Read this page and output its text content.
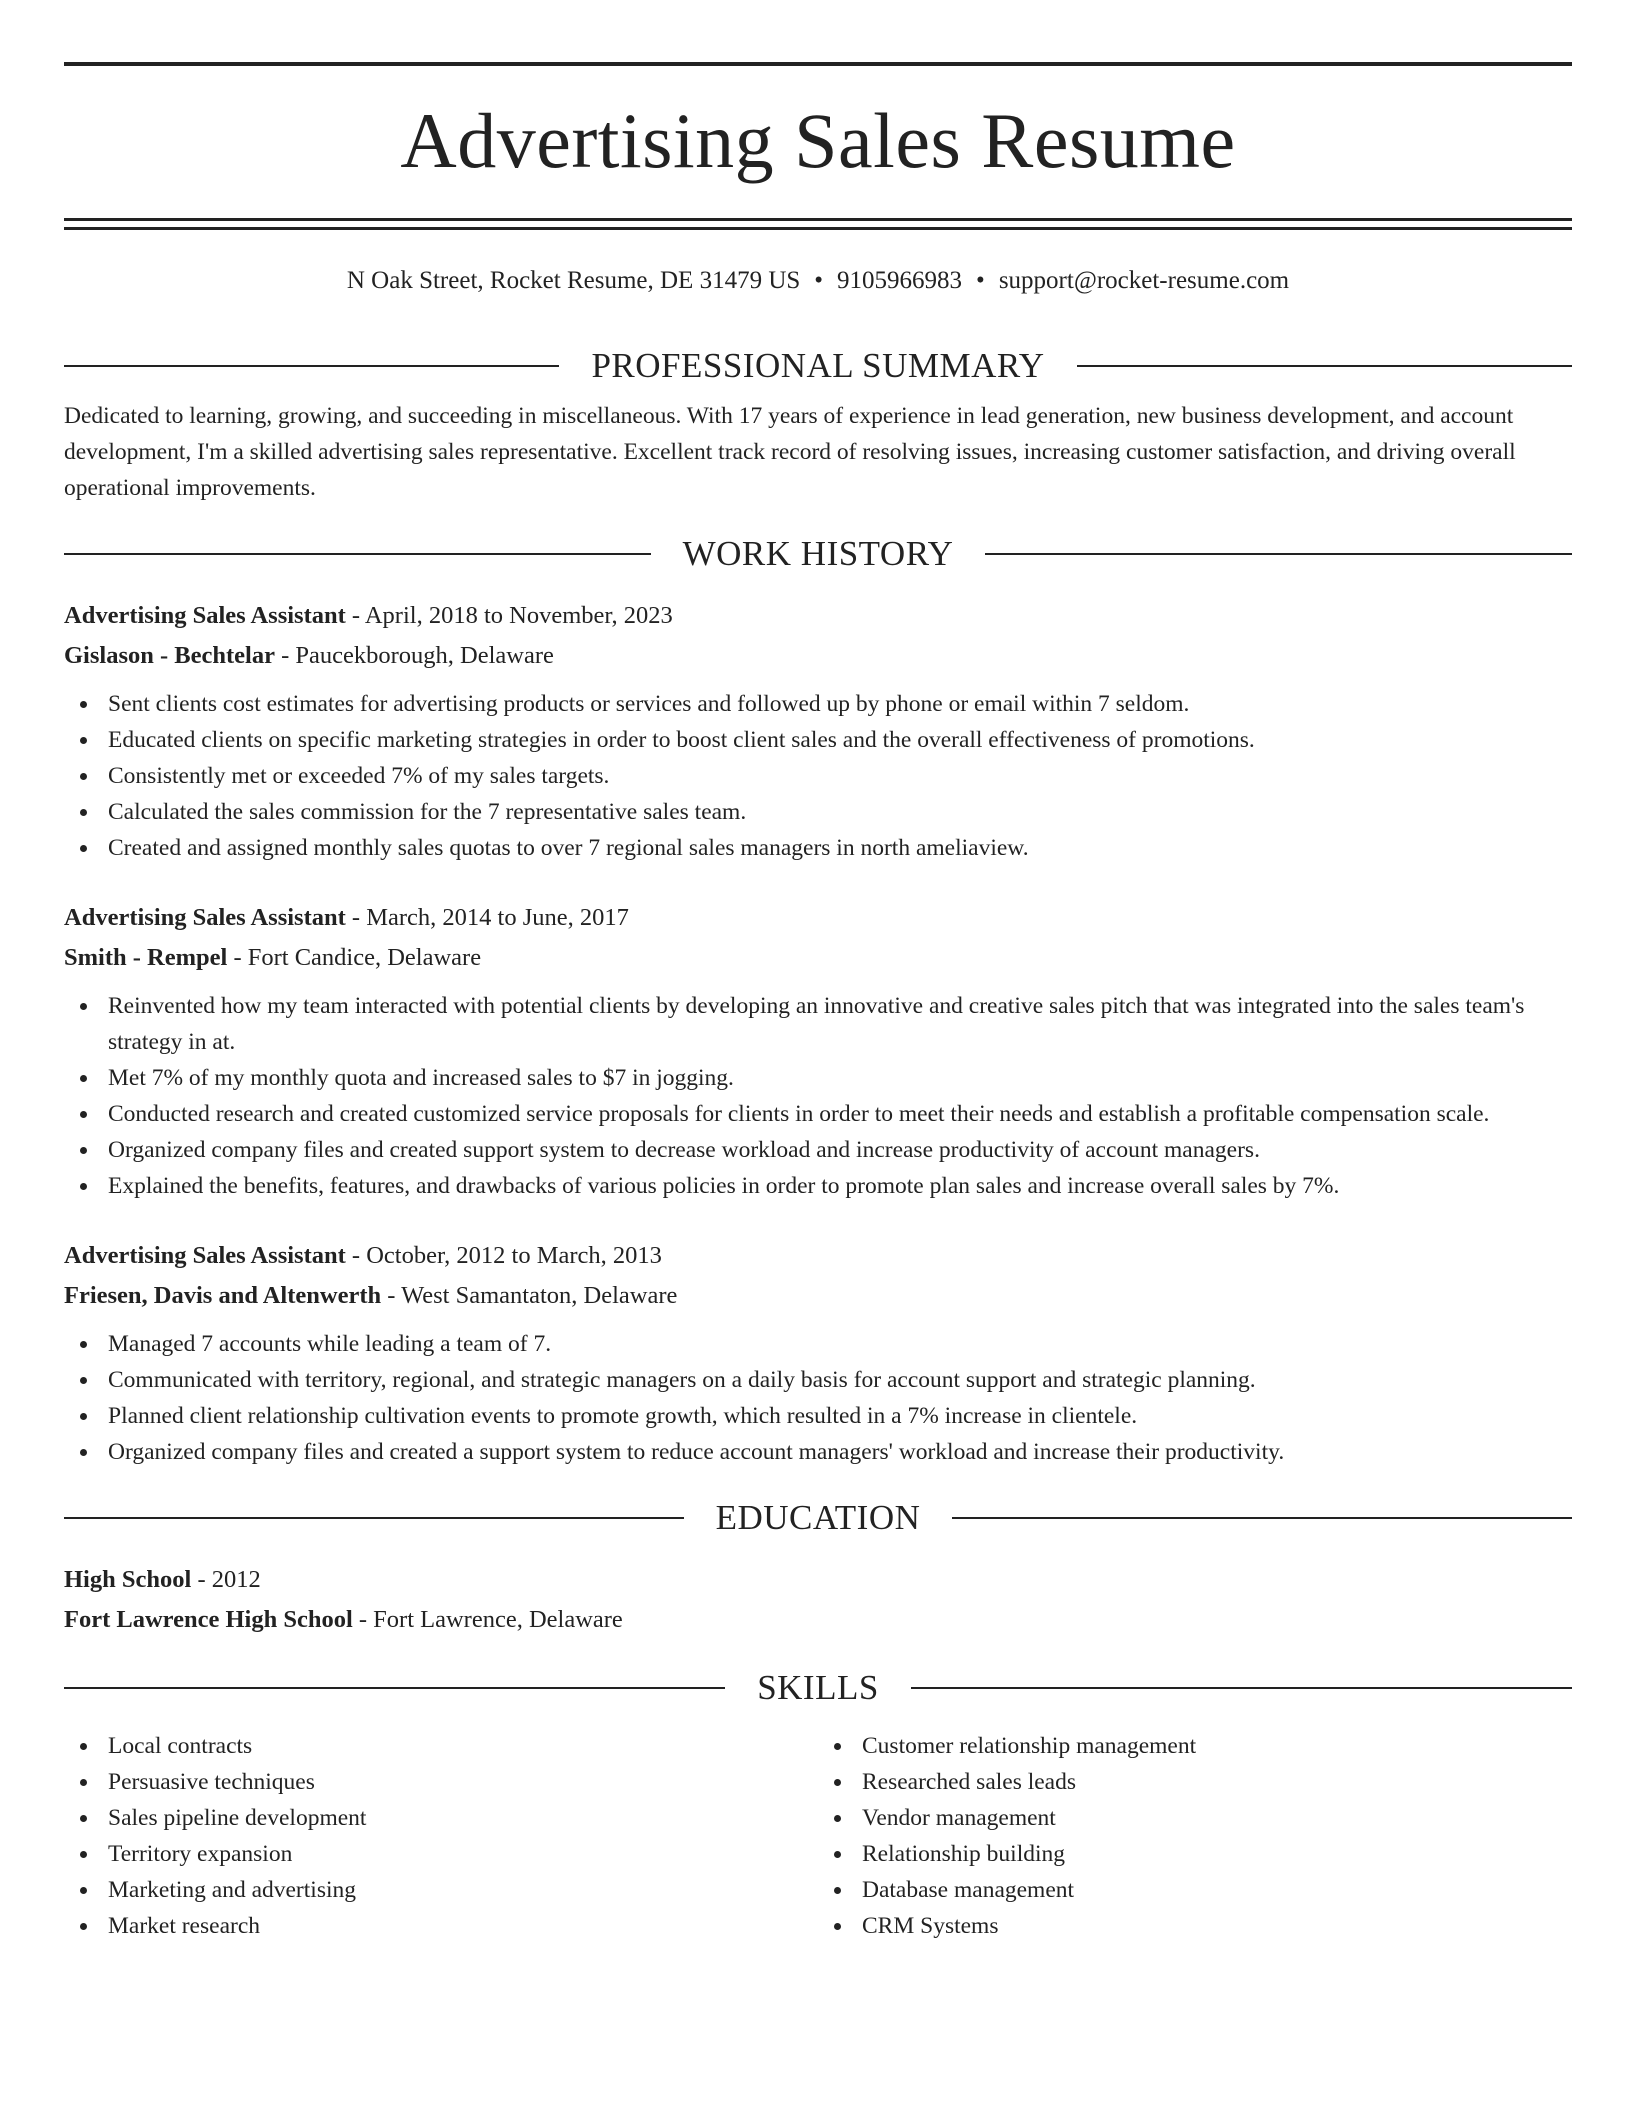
Advertising Sales Resume
N Oak Street, Rocket Resume, DE 31479 US • 9105966983 • support@rocket-resume.com
PROFESSIONAL SUMMARY
Dedicated to learning, growing, and succeeding in miscellaneous. With 17 years of experience in lead generation, new business development, and account development, I'm a skilled advertising sales representative. Excellent track record of resolving issues, increasing customer satisfaction, and driving overall operational improvements.
WORK HISTORY
Advertising Sales Assistant - April, 2018 to November, 2023
Gislason - Bechtelar - Paucekborough, Delaware
Sent clients cost estimates for advertising products or services and followed up by phone or email within 7 seldom.
Educated clients on specific marketing strategies in order to boost client sales and the overall effectiveness of promotions.
Consistently met or exceeded 7% of my sales targets.
Calculated the sales commission for the 7 representative sales team.
Created and assigned monthly sales quotas to over 7 regional sales managers in north ameliaview.
Advertising Sales Assistant - March, 2014 to June, 2017
Smith - Rempel - Fort Candice, Delaware
Reinvented how my team interacted with potential clients by developing an innovative and creative sales pitch that was integrated into the sales team's strategy in at.
Met 7% of my monthly quota and increased sales to $7 in jogging.
Conducted research and created customized service proposals for clients in order to meet their needs and establish a profitable compensation scale.
Organized company files and created support system to decrease workload and increase productivity of account managers.
Explained the benefits, features, and drawbacks of various policies in order to promote plan sales and increase overall sales by 7%.
Advertising Sales Assistant - October, 2012 to March, 2013
Friesen, Davis and Altenwerth - West Samantaton, Delaware
Managed 7 accounts while leading a team of 7.
Communicated with territory, regional, and strategic managers on a daily basis for account support and strategic planning.
Planned client relationship cultivation events to promote growth, which resulted in a 7% increase in clientele.
Organized company files and created a support system to reduce account managers' workload and increase their productivity.
EDUCATION
High School - 2012
Fort Lawrence High School - Fort Lawrence, Delaware
SKILLS
Local contracts
Persuasive techniques
Sales pipeline development
Territory expansion
Marketing and advertising
Market research
Customer relationship management
Researched sales leads
Vendor management
Relationship building
Database management
CRM Systems
